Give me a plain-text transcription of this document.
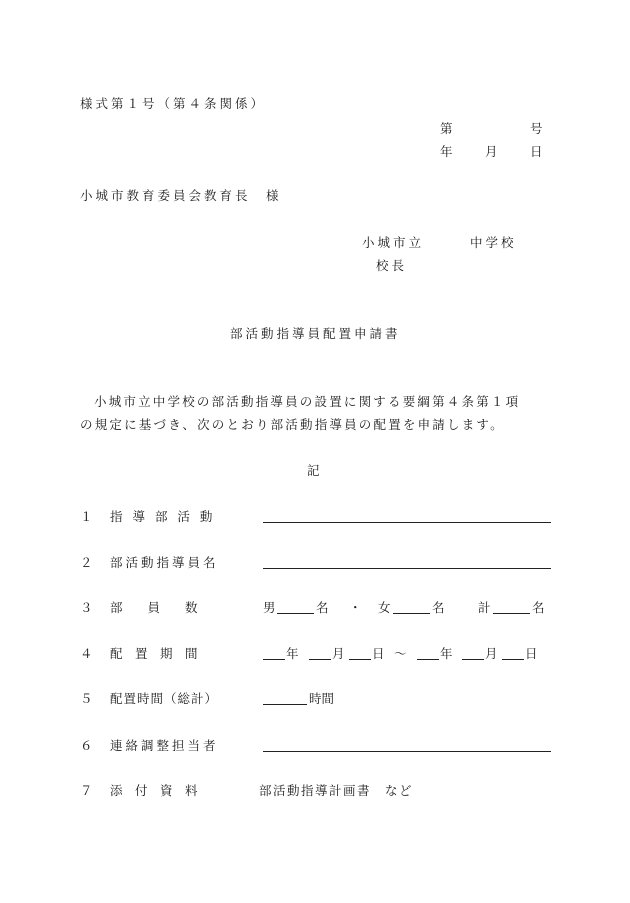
様式第１号（第４条関係）
第	号
年 月 日
小城市教育委員会教育長　様
小城市立	中学校
校長
部活動指導員配置申請書
小城市立中学校の部活動指導員の設置に関する要綱第４条第１項
の規定に基づき、次のとおり部活動指導員の配置を申請します。
記
１ 指 導 部 活 動
２ 部活動指導員名
３ 部　　員　　数	男	名 ・ 女	名	計	名
４ 配　置　期　間	年	月 日 ～	年	月 日
５ 配置時間（総計）	時間
６ 連絡調整担当者
７ 添　付　資　料	部活動指導計画書　など
